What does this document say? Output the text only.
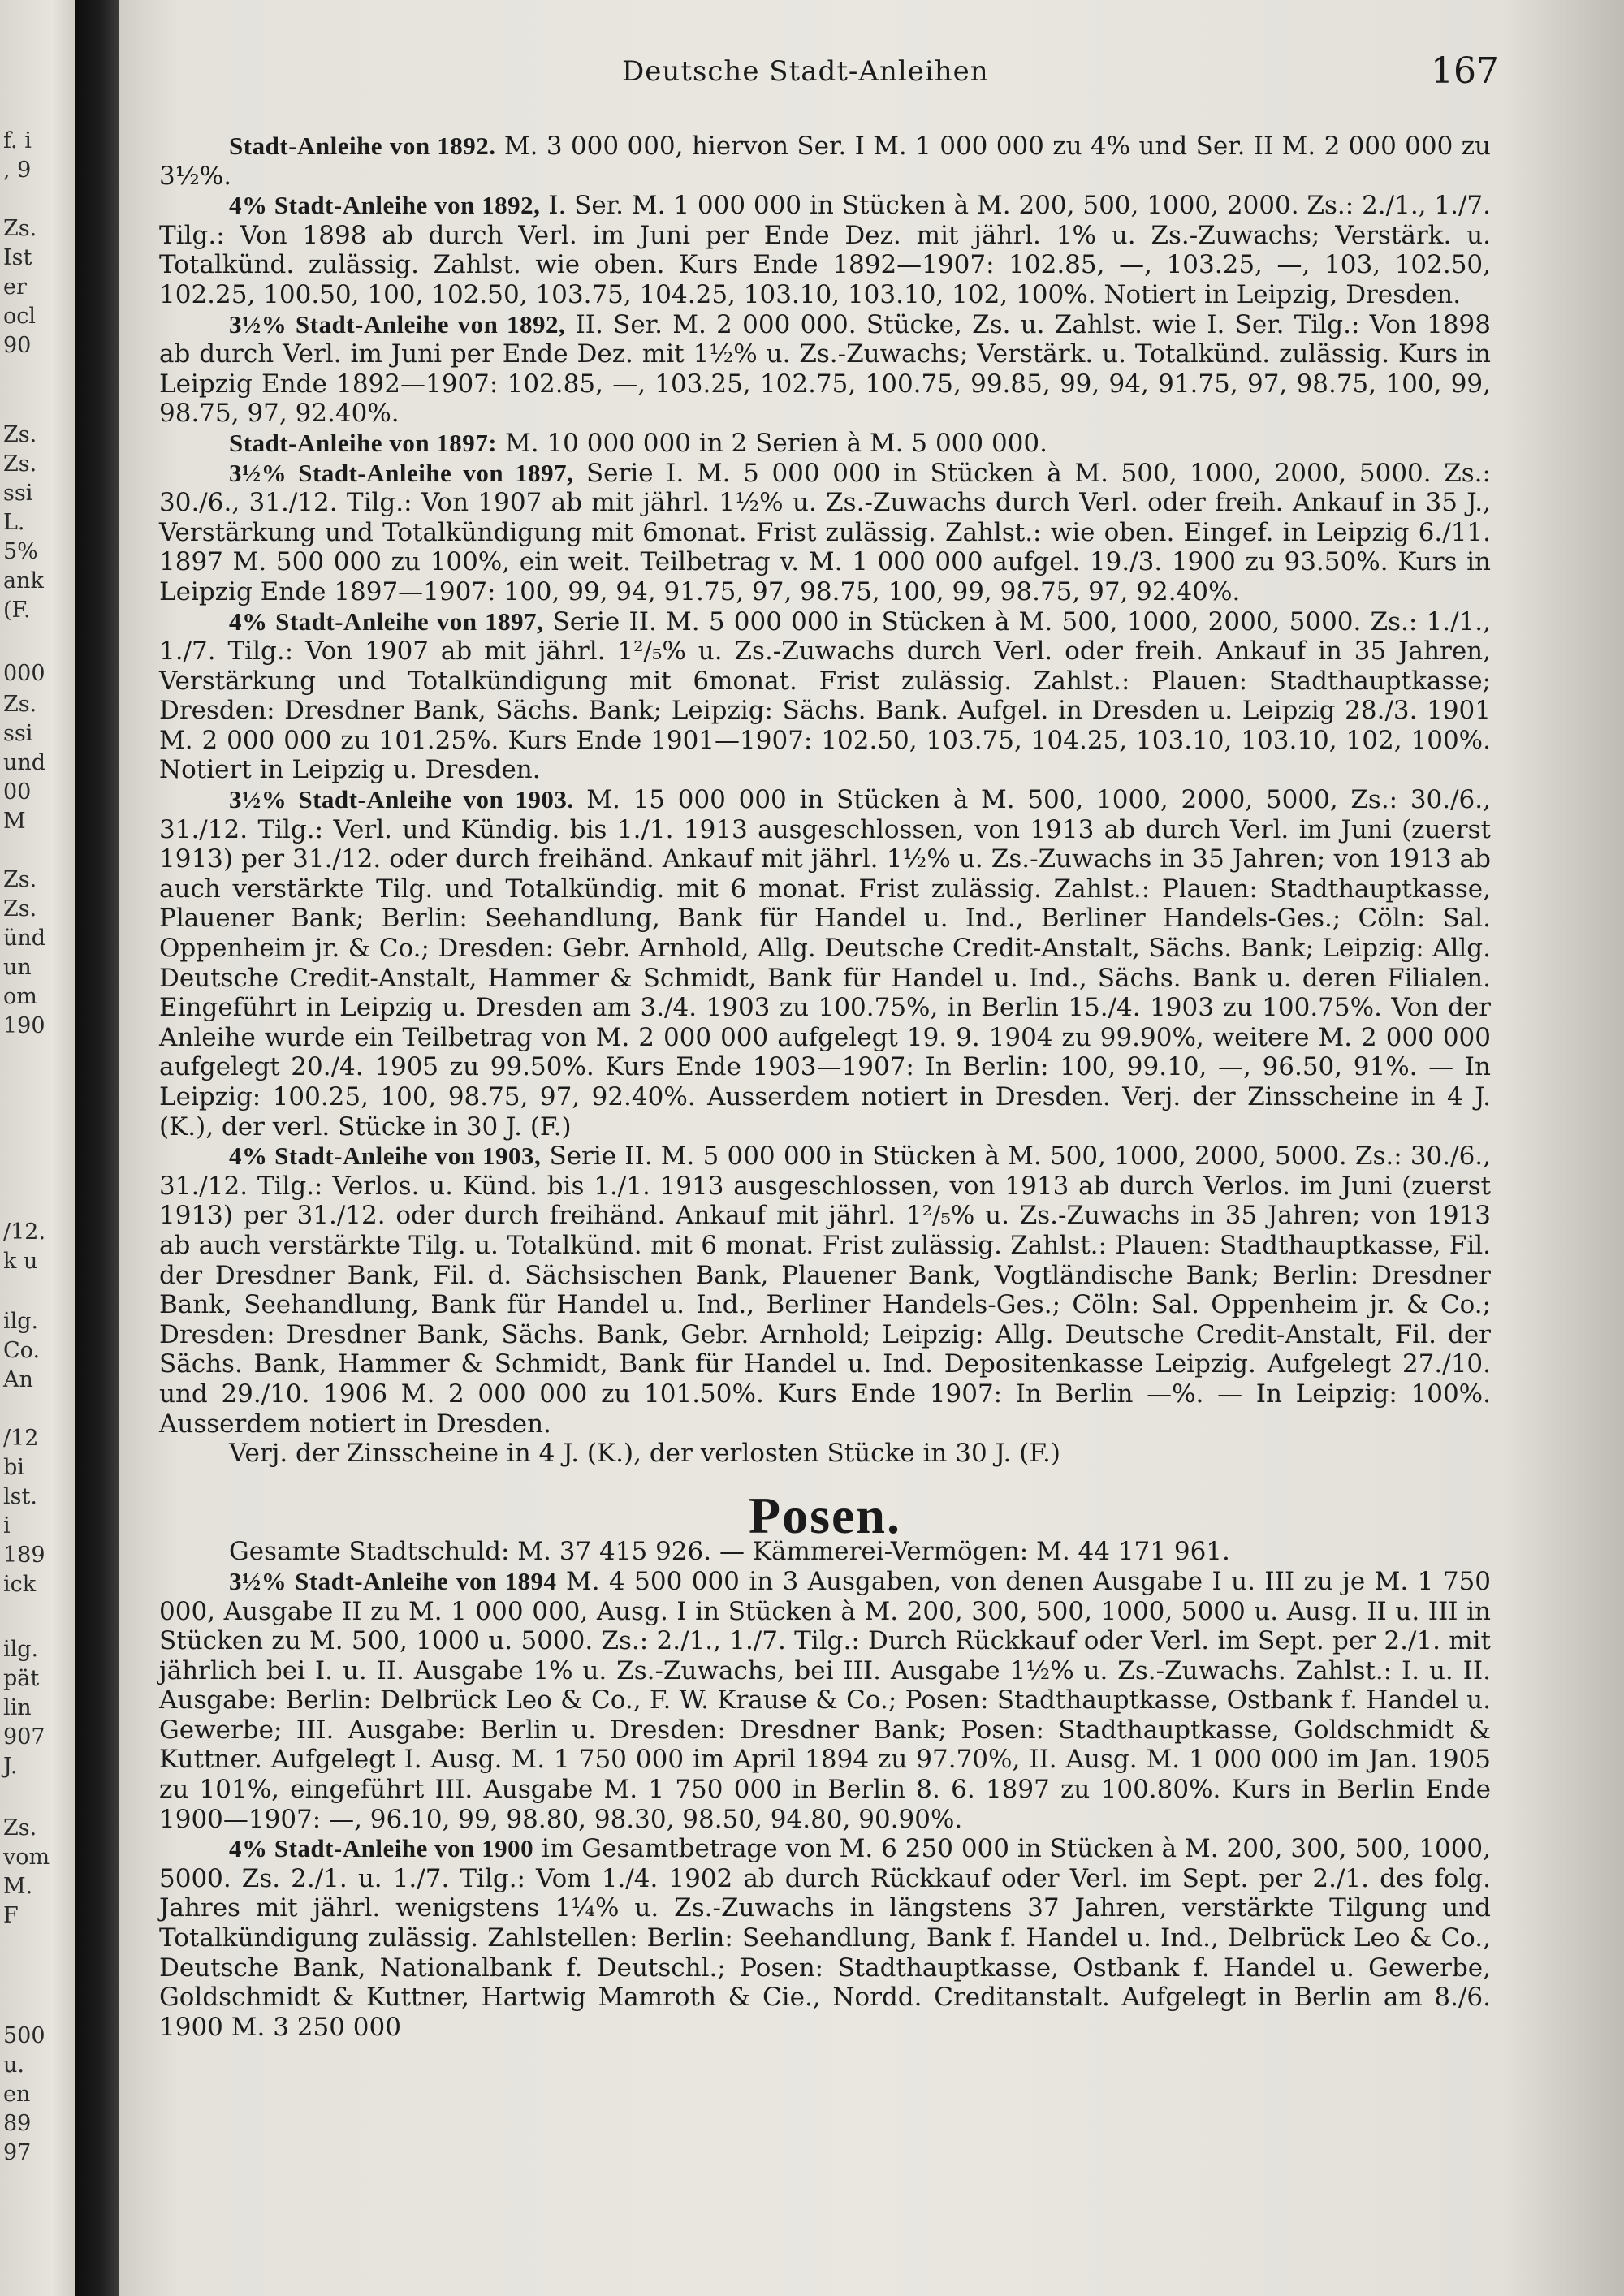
f. i
, 9
Zs.
Ist
er
ocl
90
Zs.
Zs.
ssi
L.
5%
ank
(F.
000
Zs.
ssi
und
00
M
Zs.
Zs.
ünd
un
om
190
/12.
k u
ilg.
Co.
An
/12
bi
lst.
i
189
ick
ilg.
pät
lin
907
J.
Zs.
vom
M.
F
500
u.
en
89
97
Deutsche Stadt-Anleihen	167

Stadt-Anleihe von 1892. M. 3 000 000, hiervon Ser. I M. 1 000 000 zu 4% und Ser. II M. 2 000 000 zu 3½%.

4% Stadt-Anleihe von 1892, I. Ser. M. 1 000 000 in Stücken à M. 200, 500, 1000, 2000. Zs.: 2./1., 1./7. Tilg.: Von 1898 ab durch Verl. im Juni per Ende Dez. mit jährl. 1% u. Zs.-Zuwachs; Verstärk. u. Totalkünd. zulässig. Zahlst. wie oben. Kurs Ende 1892—1907: 102.85, —, 103.25, —, 103, 102.50, 102.25, 100.50, 100, 102.50, 103.75, 104.25, 103.10, 103.10, 102, 100%. Notiert in Leipzig, Dresden.

3½% Stadt-Anleihe von 1892, II. Ser. M. 2 000 000. Stücke, Zs. u. Zahlst. wie I. Ser. Tilg.: Von 1898 ab durch Verl. im Juni per Ende Dez. mit 1½% u. Zs.-Zuwachs; Verstärk. u. Totalkünd. zulässig. Kurs in Leipzig Ende 1892—1907: 102.85, —, 103.25, 102.75, 100.75, 99.85, 99, 94, 91.75, 97, 98.75, 100, 99, 98.75, 97, 92.40%.

Stadt-Anleihe von 1897: M. 10 000 000 in 2 Serien à M. 5 000 000.

3½% Stadt-Anleihe von 1897, Serie I. M. 5 000 000 in Stücken à M. 500, 1000, 2000, 5000. Zs.: 30./6., 31./12. Tilg.: Von 1907 ab mit jährl. 1½% u. Zs.-Zuwachs durch Verl. oder freih. Ankauf in 35 J., Verstärkung und Totalkündigung mit 6monat. Frist zulässig. Zahlst.: wie oben. Eingef. in Leipzig 6./11. 1897 M. 500 000 zu 100%, ein weit. Teilbetrag v. M. 1 000 000 aufgel. 19./3. 1900 zu 93.50%. Kurs in Leipzig Ende 1897—1907: 100, 99, 94, 91.75, 97, 98.75, 100, 99, 98.75, 97, 92.40%.

4% Stadt-Anleihe von 1897, Serie II. M. 5 000 000 in Stücken à M. 500, 1000, 2000, 5000. Zs.: 1./1., 1./7. Tilg.: Von 1907 ab mit jährl. 1²/₅% u. Zs.-Zuwachs durch Verl. oder freih. Ankauf in 35 Jahren, Verstärkung und Totalkündigung mit 6monat. Frist zulässig. Zahlst.: Plauen: Stadthauptkasse; Dresden: Dresdner Bank, Sächs. Bank; Leipzig: Sächs. Bank. Aufgel. in Dresden u. Leipzig 28./3. 1901 M. 2 000 000 zu 101.25%. Kurs Ende 1901—1907: 102.50, 103.75, 104.25, 103.10, 103.10, 102, 100%. Notiert in Leipzig u. Dresden.

3½% Stadt-Anleihe von 1903. M. 15 000 000 in Stücken à M. 500, 1000, 2000, 5000, Zs.: 30./6., 31./12. Tilg.: Verl. und Kündig. bis 1./1. 1913 ausgeschlossen, von 1913 ab durch Verl. im Juni (zuerst 1913) per 31./12. oder durch freihänd. Ankauf mit jährl. 1½% u. Zs.-Zuwachs in 35 Jahren; von 1913 ab auch verstärkte Tilg. und Totalkündig. mit 6 monat. Frist zulässig. Zahlst.: Plauen: Stadthauptkasse, Plauener Bank; Berlin: Seehandlung, Bank für Handel u. Ind., Berliner Handels-Ges.; Cöln: Sal. Oppenheim jr. & Co.; Dresden: Gebr. Arnhold, Allg. Deutsche Credit-Anstalt, Sächs. Bank; Leipzig: Allg. Deutsche Credit-Anstalt, Hammer & Schmidt, Bank für Handel u. Ind., Sächs. Bank u. deren Filialen. Eingeführt in Leipzig u. Dresden am 3./4. 1903 zu 100.75%, in Berlin 15./4. 1903 zu 100.75%. Von der Anleihe wurde ein Teilbetrag von M. 2 000 000 aufgelegt 19. 9. 1904 zu 99.90%, weitere M. 2 000 000 aufgelegt 20./4. 1905 zu 99.50%. Kurs Ende 1903—1907: In Berlin: 100, 99.10, —, 96.50, 91%. — In Leipzig: 100.25, 100, 98.75, 97, 92.40%. Ausserdem notiert in Dresden. Verj. der Zinsscheine in 4 J. (K.), der verl. Stücke in 30 J. (F.)

4% Stadt-Anleihe von 1903, Serie II. M. 5 000 000 in Stücken à M. 500, 1000, 2000, 5000. Zs.: 30./6., 31./12. Tilg.: Verlos. u. Künd. bis 1./1. 1913 ausgeschlossen, von 1913 ab durch Verlos. im Juni (zuerst 1913) per 31./12. oder durch freihänd. Ankauf mit jährl. 1²/₅% u. Zs.-Zuwachs in 35 Jahren; von 1913 ab auch verstärkte Tilg. u. Totalkünd. mit 6 monat. Frist zulässig. Zahlst.: Plauen: Stadthauptkasse, Fil. der Dresdner Bank, Fil. d. Sächsischen Bank, Plauener Bank, Vogtländische Bank; Berlin: Dresdner Bank, Seehandlung, Bank für Handel u. Ind., Berliner Handels-Ges.; Cöln: Sal. Oppenheim jr. & Co.; Dresden: Dresdner Bank, Sächs. Bank, Gebr. Arnhold; Leipzig: Allg. Deutsche Credit-Anstalt, Fil. der Sächs. Bank, Hammer & Schmidt, Bank für Handel u. Ind. Depositenkasse Leipzig. Aufgelegt 27./10. und 29./10. 1906 M. 2 000 000 zu 101.50%. Kurs Ende 1907: In Berlin —%. — In Leipzig: 100%. Ausserdem notiert in Dresden.

Verj. der Zinsscheine in 4 J. (K.), der verlosten Stücke in 30 J. (F.)

Posen.

Gesamte Stadtschuld: M. 37 415 926. — Kämmerei-Vermögen: M. 44 171 961.

3½% Stadt-Anleihe von 1894 M. 4 500 000 in 3 Ausgaben, von denen Ausgabe I u. III zu je M. 1 750 000, Ausgabe II zu M. 1 000 000, Ausg. I in Stücken à M. 200, 300, 500, 1000, 5000 u. Ausg. II u. III in Stücken zu M. 500, 1000 u. 5000. Zs.: 2./1., 1./7. Tilg.: Durch Rückkauf oder Verl. im Sept. per 2./1. mit jährlich bei I. u. II. Ausgabe 1% u. Zs.-Zuwachs, bei III. Ausgabe 1½% u. Zs.-Zuwachs. Zahlst.: I. u. II. Ausgabe: Berlin: Delbrück Leo & Co., F. W. Krause & Co.; Posen: Stadthauptkasse, Ostbank f. Handel u. Gewerbe; III. Ausgabe: Berlin u. Dresden: Dresdner Bank; Posen: Stadthauptkasse, Goldschmidt & Kuttner. Aufgelegt I. Ausg. M. 1 750 000 im April 1894 zu 97.70%, II. Ausg. M. 1 000 000 im Jan. 1905 zu 101%, eingeführt III. Ausgabe M. 1 750 000 in Berlin 8. 6. 1897 zu 100.80%. Kurs in Berlin Ende 1900—1907: —, 96.10, 99, 98.80, 98.30, 98.50, 94.80, 90.90%.

4% Stadt-Anleihe von 1900 im Gesamtbetrage von M. 6 250 000 in Stücken à M. 200, 300, 500, 1000, 5000. Zs. 2./1. u. 1./7. Tilg.: Vom 1./4. 1902 ab durch Rückkauf oder Verl. im Sept. per 2./1. des folg. Jahres mit jährl. wenigstens 1¼% u. Zs.-Zuwachs in längstens 37 Jahren, verstärkte Tilgung und Totalkündigung zulässig. Zahlstellen: Berlin: Seehandlung, Bank f. Handel u. Ind., Delbrück Leo & Co., Deutsche Bank, Nationalbank f. Deutschl.; Posen: Stadthauptkasse, Ostbank f. Handel u. Gewerbe, Goldschmidt & Kuttner, Hartwig Mamroth & Cie., Nordd. Creditanstalt. Aufgelegt in Berlin am 8./6. 1900 M. 3 250 000
